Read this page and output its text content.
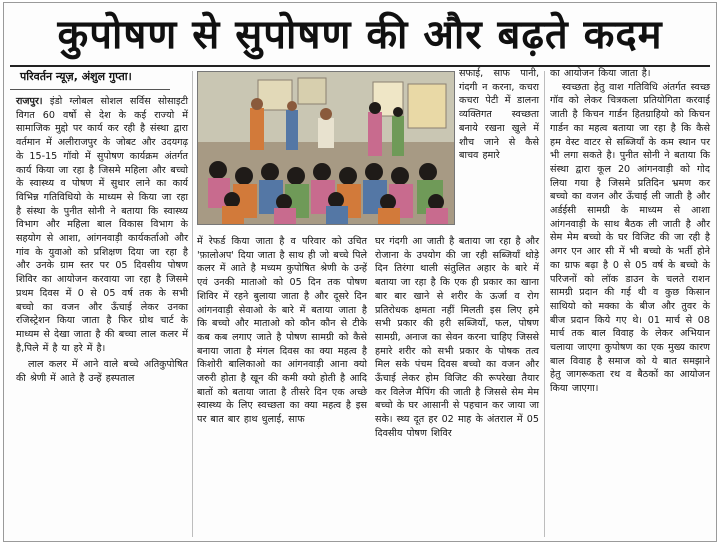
कुपोषण से सुपोषण की और बढ़ते कदम
परिवर्तन न्यूज़, अंशुल गुप्ता।

राजपुर। इंडो ग्लोबल सोशल सर्विस सोसाइटी विगत 60 वर्षो से देश के कई राज्यो में सामाजिक मुद्दो पर कार्य कर रही है संस्था द्वारा वर्तमान में अलीराजपुर के जोबट और उदयगढ़ के 15-15 गॉवो में सुपोषण कार्यक्रम अंतर्गत कार्य किया जा रहा है जिसमे महिला और बच्चो के स्वास्थ्य व पोषण में सुधार लाने का कार्य विभिन्न गतिविधियो के माध्यम से किया जा रहा है संस्था के पुनीत सोनी ने बताया कि स्वास्थ्य विभाग और महिला बाल विकास विभाग के सहयोग से आशा, आंगनवाड़ी कार्यकर्ताओ और गांव के युवाओ को प्रशिक्षण दिया जा रहा है और उनके ग्राम स्तर पर 05 दिवसीय पोषण शिविर का आयोजन करवाया जा रहा है जिसमे प्रथम दिवस में 0 से 05 वर्ष तक के सभी बच्चो का वजन और ऊँचाई लेकर उनका रजिस्ट्रेशन किया जाता है फिर ग्रोथ चार्ट के माध्यम से देखा जाता है की बच्चा लाल कलर में है,पिले में है या हरे में है।

लाल कलर में आने वाले बच्चे अतिकुपोषित की श्रेणी में आते है उन्हें हस्पताल

सफाई, साफ पानी, गंदगी न करना, कचरा कचरा पेटी में डालना व्यक्तिगत स्वच्छता बनाये रखना खुले में शौच जाने से कैसे बाचव हमारे

में रेफर्ड किया जाता है व परिवार को उचित 'फ़ालोअप' दिया जाता है साथ ही जो बच्चे पिले कलर में आते है मध्यम कुपोषित श्रेणी के उन्हें एवं उनकी माताओ को 05 दिन तक पोषण शिविर में रहने बुलाया जाता है और दूसरे दिन आंगनवाड़ी सेवाओ के बारे में बताया जाता है कि बच्चो और माताओ को कौन कौन से टीके कब कब लगाए जाते है पोषण सामग्री को कैसे बनाया जाता है मंगल दिवस का क्या महत्व है किशोरी बालिकाओ का आंगनवाड़ी आना क्यो जरुरी होता है खून की कमी क्यो होती है आदि बातों को बताया जाता है तीसरे दिन एक अच्छे स्वास्थ्य के लिए स्वच्छता का क्या महत्व है इस पर बात बार हाथ धुलाई, साफ

घर गंदगी आ जाती है बताया जा रहा है और रोजाना के उपयोग की जा रही सब्जियाँ थोड़े दिन तिरंगा थाली संतुलित अहार के बारे में बताया जा रहा है कि एक ही प्रकार का खाना बार बार खाने से शरीर के ऊर्जा व रोग प्रतिरोधक क्षमता नहीं मिलती इस लिए हमे सभी प्रकार की हरी सब्जियाँ, फल, पोषण सामग्री, अनाज का सेवन करना चाहिए जिससे हमारे शरीर को सभी प्रकार के पोषक तत्व मिल सके पंचम दिवस बच्चो का वजन और ऊँचाई लेकर होम विजिट की रूपरेखा तैयार कर विलेज मैपिंग की जाती है जिससे सेम मेम बच्चो के घर आसानी से पहचान कर जाया जा सके। स्थ्य दूत हर 02 माह के अंतराल में 05 दिवसीय पोषण शिविर

का आयोजन किया जाता है।

स्वच्छता हेतु वाश गतिविधि अंतर्गत स्वच्छ गॉव को लेकर चित्रकला प्रतियोगिता करवाई जाती है किचन गार्डन हितग्राहियो को किचन गार्डन का महत्व बताया जा रहा है कि कैसे हम वेस्ट वाटर से सब्जियाँ के कम स्थान पर भी लगा सकते है। पुनीत सोनी ने बताया कि संस्था द्वारा कूल 20 आंगनवाड़ी को गोद लिया गया है जिसमे प्रतिदिन भ्रमण कर बच्चो का वजन और ऊँचाई ली जाती है और अर्डईसी सामग्री के माध्यम से आशा आंगनवाड़ी के साथ बैठक ली जाती है और सेम मेम बच्चो के घर विजिट की जा रही है अगर एन आर सी में भी बच्चो के भर्ती होने का ग्राफ बढ़ा है 0 से 05 वर्ष के बच्चो के परिजनों को लॉक डाउन के चलते राशन सामग्री प्रदान की गई थी व कुछ किसान साथियो को मक्का के बीज और तुवर के बीज प्रदान किये गए थे। 01 मार्च से 08 मार्च तक बाल विवाह के लेकर अभियान चलाया जाएगा कुपोषण का एक मुख्य कारण बाल विवाह है समाज को ये बात समझाने हेतु जागरूकता रथ व बैठकों का आयोजन किया जाएगा।
